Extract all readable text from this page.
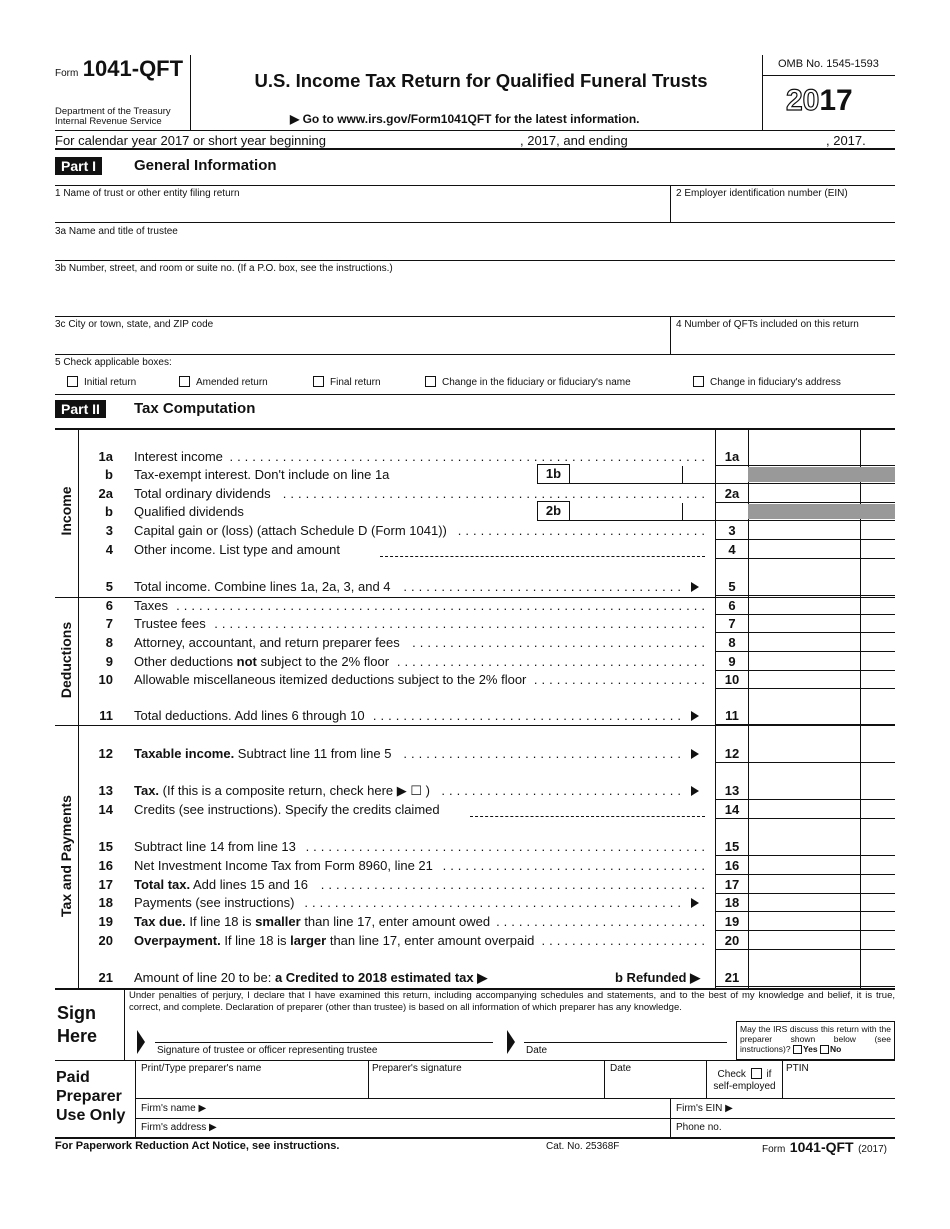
Form 1041-QFT
Department of the Treasury
Internal Revenue Service
U.S. Income Tax Return for Qualified Funeral Trusts
▶ Go to www.irs.gov/Form1041QFT for the latest information.
OMB No. 1545-1593
2017
For calendar year 2017 or short year beginning	, 2017, and ending	, 2017.
Part I	General Information
1 Name of trust or other entity filing return	2 Employer identification number (EIN)
3a Name and title of trustee
3b Number, street, and room or suite no. (If a P.O. box, see the instructions.)
3c City or town, state, and ZIP code	4 Number of QFTs included on this return
5 Check applicable boxes:
Initial return	Amended return	Final return	Change in the fiduciary or fiduciary's name	Change in fiduciary's address
Part II	Tax Computation
Income
Deductions
Tax and Payments
1a Interest income ...............................................................	1a
b Tax-exempt interest. Don't include on line 1a	1b
2a Total ordinary dividends ........................................................	2a
b Qualified dividends	2b
3 Capital gain or (loss) (attach Schedule D (Form 1041)) .................................	3
4 Other income. List type and amount	4
5 Total income. Combine lines 1a, 2a, 3, and 4 .....................................	5
6 Taxes ......................................................................	6
7 Trustee fees .................................................................	7
8 Attorney, accountant, and return preparer fees .......................................	8
9 Other deductions not subject to the 2% floor .........................................	9
10 Allowable miscellaneous itemized deductions subject to the 2% floor .......................	10
11 Total deductions. Add lines 6 through 10 .........................................	11
12 Taxable income. Subtract line 11 from line 5 .....................................	12
13 Tax. (If this is a composite return, check here ▶ ☐ ) ................................	13
14 Credits (see instructions). Specify the credits claimed	14
15 Subtract line 14 from line 13 .....................................................	15
16 Net Investment Income Tax from Form 8960, line 21 ...................................	16
17 Total tax. Add lines 15 and 16 ...................................................	17
18 Payments (see instructions) ..................................................	18
19 Tax due. If line 18 is smaller than line 17, enter amount owed ............................	19
20 Overpayment. If line 18 is larger than line 17, enter amount overpaid ......................	20
21 Amount of line 20 to be: a Credited to 2018 estimated tax ▶	b Refunded ▶	21
Sign
Here
Under penalties of perjury, I declare that I have examined this return, including accompanying schedules and statements, and to the best of my knowledge and belief, it is true, correct, and complete. Declaration of preparer (other than trustee) is based on all information of which preparer has any knowledge.
Signature of trustee or officer representing trustee	Date
May the IRS discuss this return with the preparer shown below (see instructions)? Yes No
Paid
Preparer
Use Only
Print/Type preparer's name	Preparer's signature	Date
Check if
self-employed
PTIN
Firm's name ▶	Firm's EIN ▶
Firm's address ▶	Phone no.
For Paperwork Reduction Act Notice, see instructions.	Cat. No. 25368F	Form 1041-QFT (2017)
